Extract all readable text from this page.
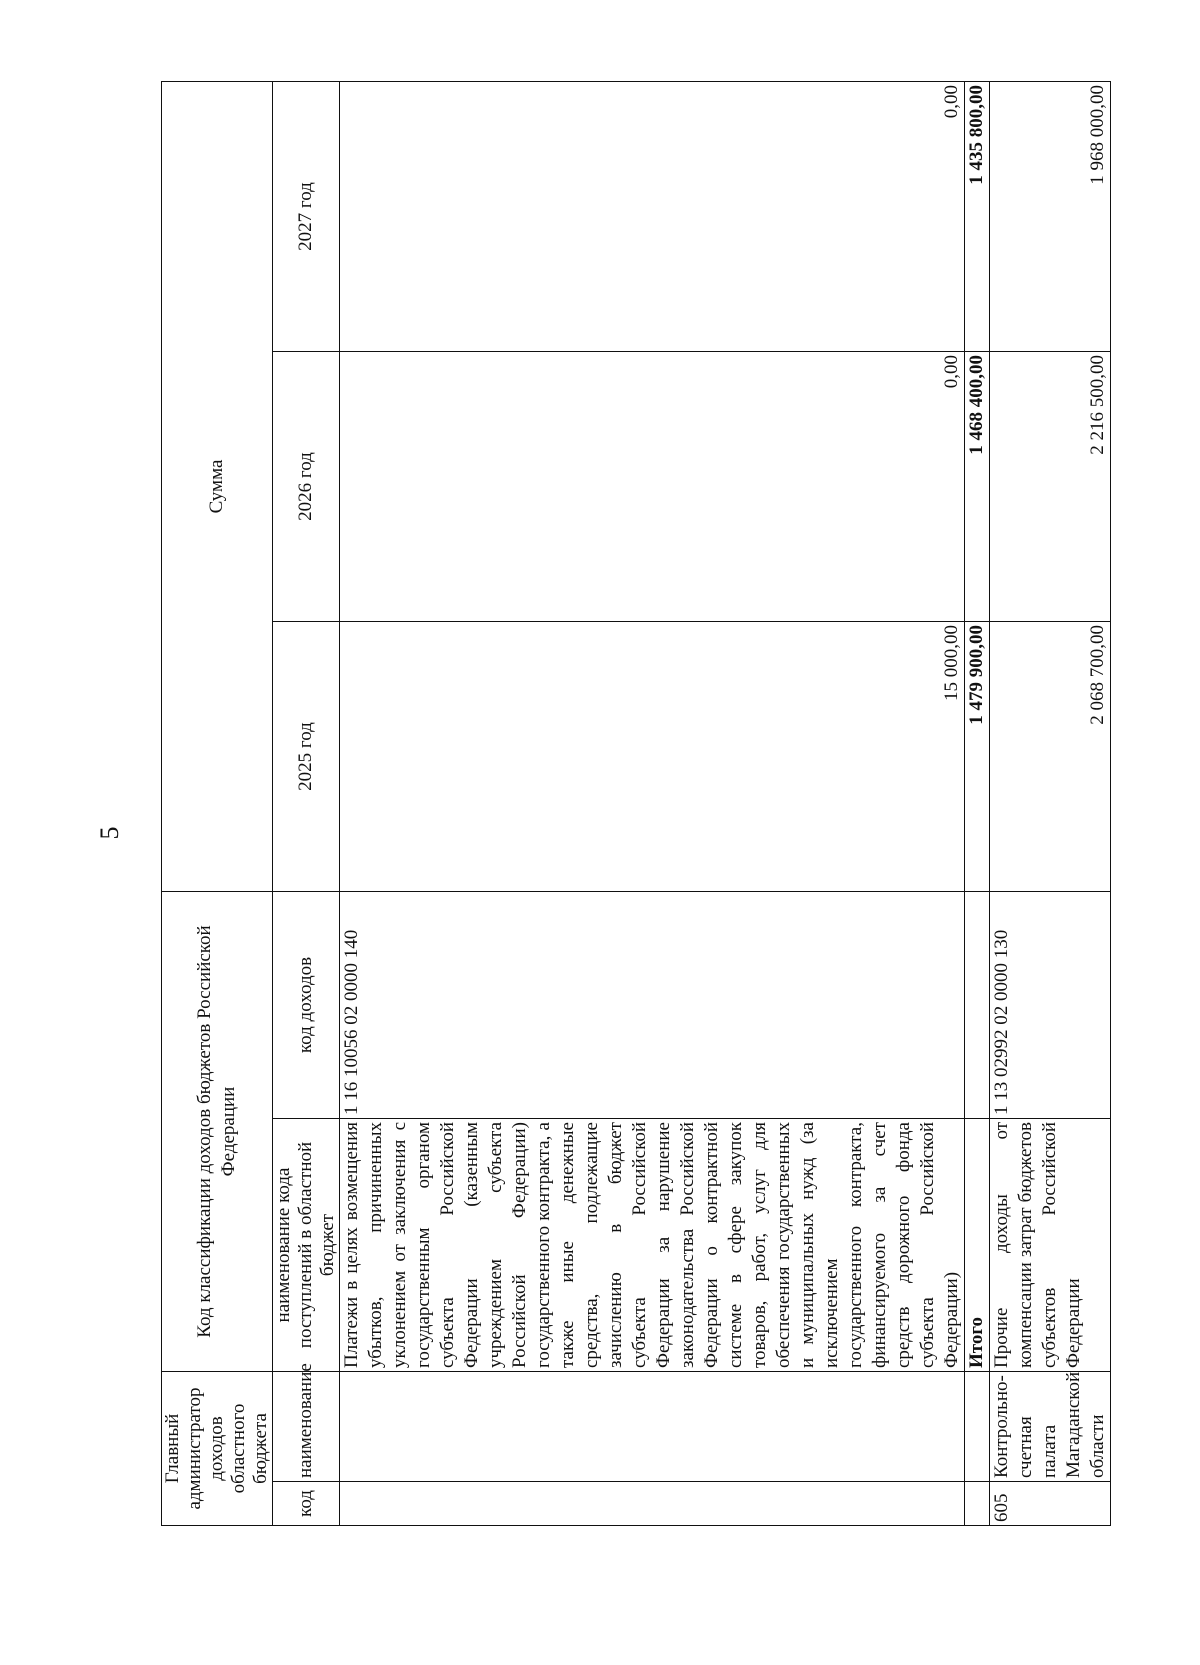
5
Главный администратор доходов областного бюджета		Код классификации доходов бюджетов Российской Федерации		Сумма		
код	наименование	наименование кода поступлений в областной бюджет	код доходов	2025 год	2026 год	2027 год
		Платежи в целях возмещения убытков, причиненных уклонением от заключения с государственным органом субъекта Российской Федерации (казенным учреждением субъекта Российской Федерации) государственного контракта, а также иные денежные средства, подлежащие зачислению в бюджет субъекта Российской Федерации за нарушение законодательства Российской Федерации о контрактной системе в сфере закупок товаров, работ, услуг для обеспечения государственных и муниципальных нужд (за исключением государственного контракта, финансируемого за счет средств дорожного фонда субъекта Российской Федерации)	1 16 10056 02 0000 140	15 000,00	0,00	0,00
		Итого		1 479 900,00	1 468 400,00	1 435 800,00
605	Контрольно-счетная палата Магаданской области	Прочие доходы от компенсации затрат бюджетов субъектов Российской Федерации	1 13 02992 02 0000 130	2 068 700,00	2 216 500,00	1 968 000,00
